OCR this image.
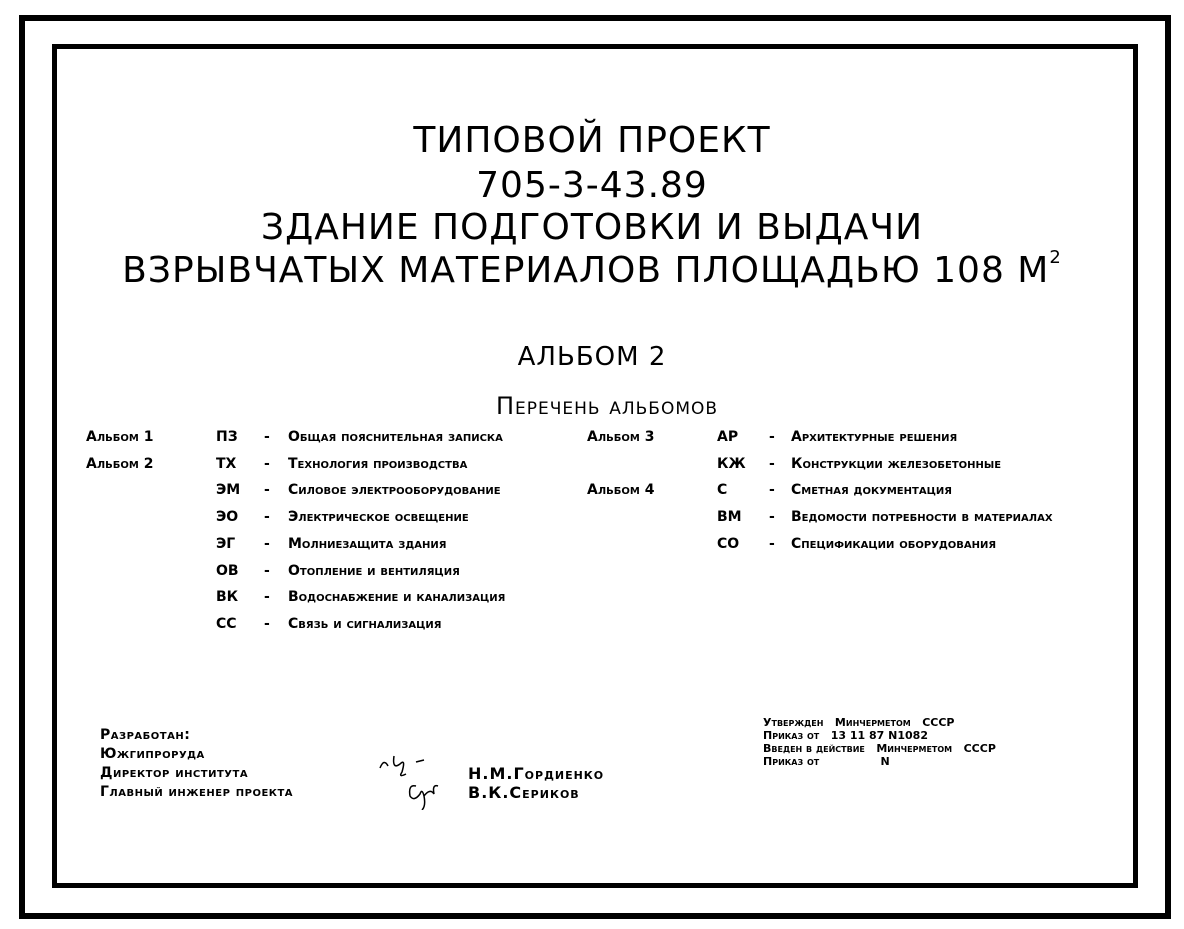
ТИПОВОЙ ПРОЕКТ
705-3-43.89
ЗДАНИЕ ПОДГОТОВКИ И ВЫДАЧИ
ВЗРЫВЧАТЫХ МАТЕРИАЛОВ ПЛОЩАДЬЮ 108 $М^2$
АЛЬБОМ 2
Перечень альбомов
Альбом 1	ПЗ - Общая пояснительная записка
Альбом 2	ТХ - Технология производства
ЭМ - Силовое электрооборудование
ЭО - Электрическое освещение
ЭГ - Молниезащита здания
ОВ - Отопление и вентиляция
ВК - Водоснабжение и канализация
СС - Связь и сигнализация
Альбом 3	АР - Архитектурные решения
КЖ - Конструкции железобетонные
Альбом 4	С	- Сметная документация
ВМ - Ведомости потребности в материалах
СО - Спецификации оборудования
Разработан:
Южгипроруда
Директор института
Главный инженер проекта
Н.М.Гордиенко
В.К.Сериков
Утвержден   Минчерметом   СССР
Приказ от   13 11 87 N1082
Введен в действие   Минчерметом   СССР
Приказ от                N
